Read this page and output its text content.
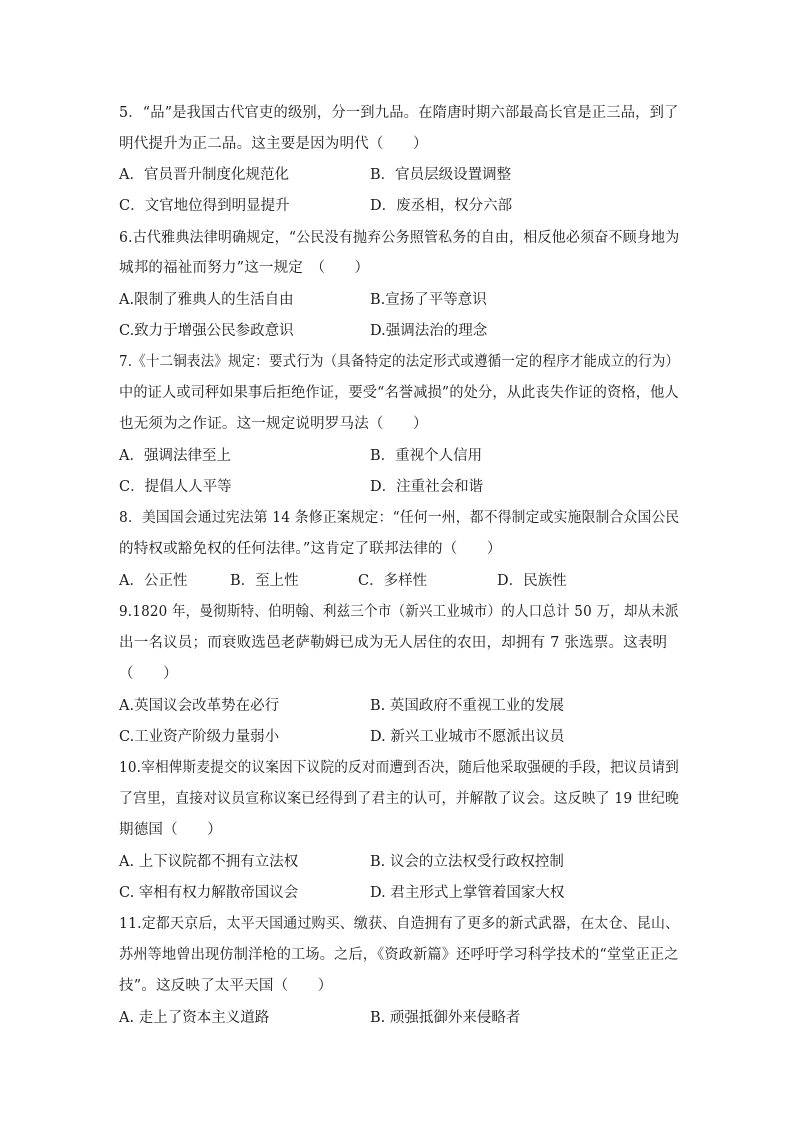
5．“品”是我国古代官吏的级别，分一到九品。在隋唐时期六部最高长官是正三品，到了
明代提升为正二品。这主要是因为明代（　　）
A．官员晋升制度化规范化	B．官员层级设置调整
C．文官地位得到明显提升	D．废丞相，权分六部
6.古代雅典法律明确规定，“公民没有抛弃公务照管私务的自由，相反他必须奋不顾身地为
城邦的福祉而努力”这一规定　（　　）
A.限制了雅典人的生活自由	B.宣扬了平等意识
C.致力于增强公民参政意识	D.强调法治的理念
7.《十二铜表法》规定：要式行为（具备特定的法定形式或遵循一定的程序才能成立的行为）
中的证人或司秤如果事后拒绝作证，要受“名誉减损”的处分，从此丧失作证的资格，他人
也无须为之作证。这一规定说明罗马法（　　）
A．强调法律至上	B．重视个人信用
C．提倡人人平等	D．注重社会和谐
8．美国国会通过宪法第 14 条修正案规定：“任何一州，都不得制定或实施限制合众国公民
的特权或豁免权的任何法律。”这肯定了联邦法律的（　　）
A．公正性	B．至上性	C．多样性	D．民族性
9.1820 年，曼彻斯特、伯明翰、利兹三个市（新兴工业城市）的人口总计 50 万，却从未派
出一名议员；而衰败选邑老萨勒姆已成为无人居住的农田，却拥有 7 张选票。这表明
（　　）
A.英国议会改革势在必行	B. 英国政府不重视工业的发展
C.工业资产阶级力量弱小	D. 新兴工业城市不愿派出议员
10.宰相俾斯麦提交的议案因下议院的反对而遭到否决，随后他采取强硬的手段，把议员请到
了宫里，直接对议员宣称议案已经得到了君主的认可，并解散了议会。这反映了 19 世纪晚
期德国（　　）
A. 上下议院都不拥有立法权	B. 议会的立法权受行政权控制
C. 宰相有权力解散帝国议会	D. 君主形式上掌管着国家大权
11.定都天京后，太平天国通过购买、缴获、自造拥有了更多的新式武器，在太仓、昆山、
苏州等地曾出现仿制洋枪的工场。之后，《资政新篇》还呼吁学习科学技术的“堂堂正正之
技”。这反映了太平天国（　　）
A. 走上了资本主义道路	B. 顽强抵御外来侵略者
